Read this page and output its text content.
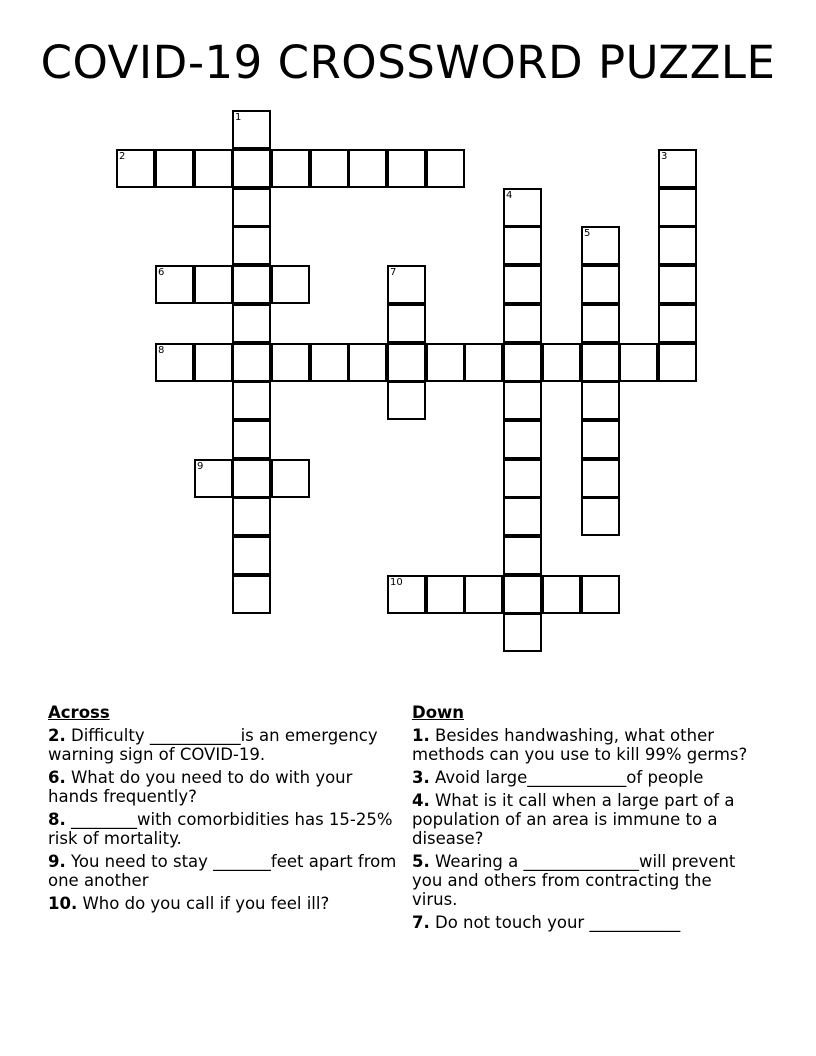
COVID-19 CROSSWORD PUZZLE
2
1
3
4
5
6	7
8
9
10
Across
2. Difficulty ___________is an emergency warning sign of COVID-19.
6. What do you need to do with your hands frequently?
8. ________with comorbidities has 15-25% risk of mortality.
9. You need to stay _______feet apart from one another
10. Who do you call if you feel ill?
Down
1. Besides handwashing, what other methods can you use to kill 99% germs?
3. Avoid large____________of people
4. What is it call when a large part of a population of an area is immune to a disease?
5. Wearing a ______________will prevent you and others from contracting the virus.
7. Do not touch your ___________
